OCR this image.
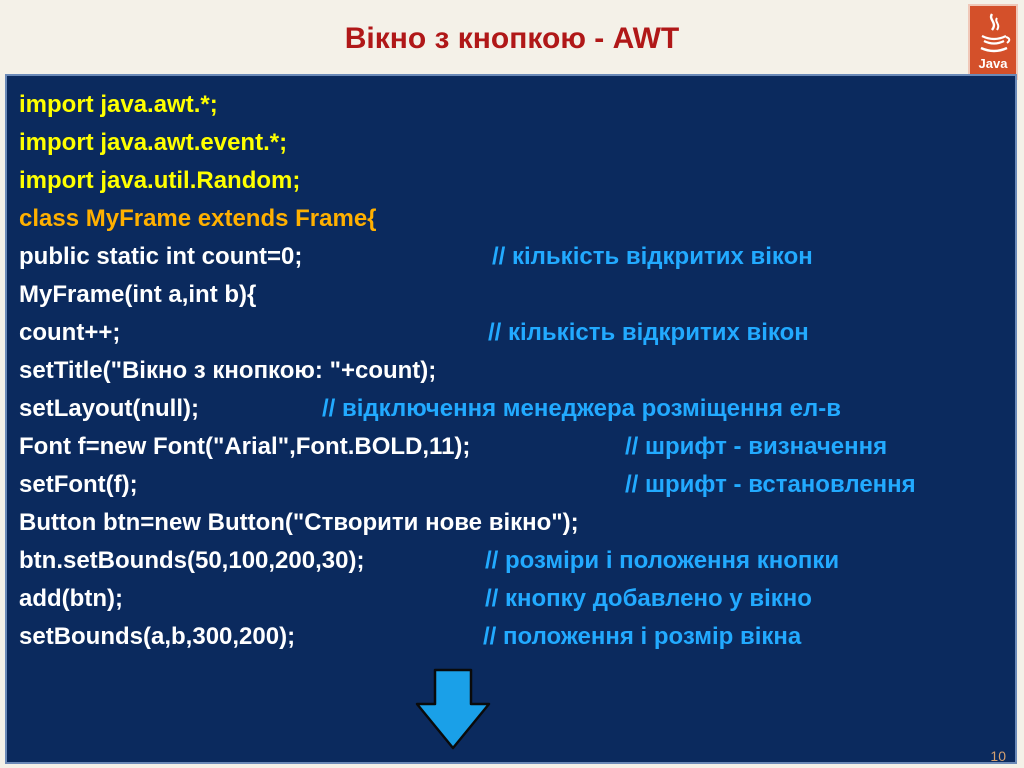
Вікно з кнопкою - AWT
Java
import java.awt.*;
import java.awt.event.*;
import java.util.Random;
class MyFrame extends Frame{
public static int count=0;	// кількість відкритих вікон
MyFrame(int a,int b){
count++;	// кількість відкритих вікон
setTitle("Вікно з кнопкою: "+count);
setLayout(null);	// відключення менеджера розміщення ел-в
Font f=new Font("Arial",Font.BOLD,11);	// шрифт - визначення
setFont(f);	// шрифт - встановлення
Button btn=new Button("Створити нове вікно");
btn.setBounds(50,100,200,30);	// розміри і положення кнопки
add(btn);	// кнопку добавлено у вікно
setBounds(a,b,300,200);	// положення і розмір вікна
10
